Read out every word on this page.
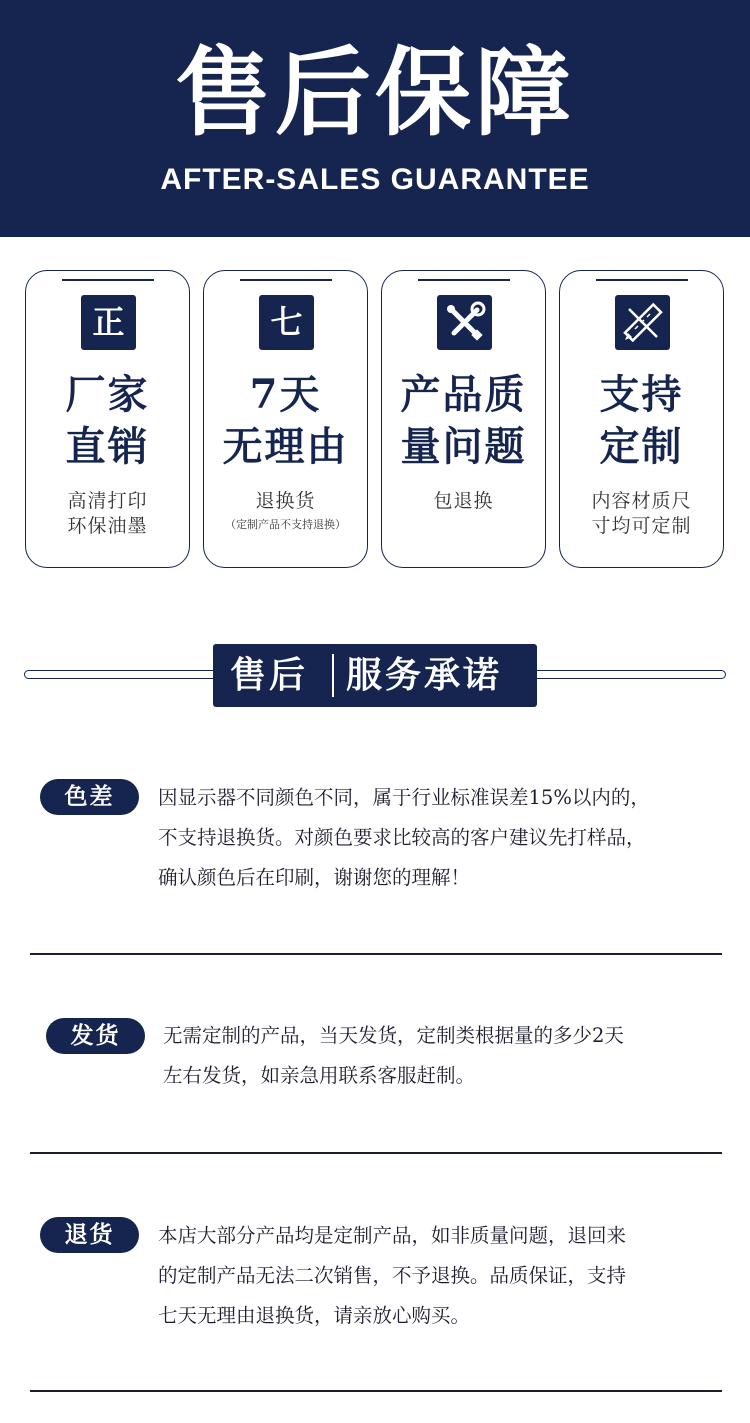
售后保障
AFTER-SALES GUARANTEE
正
厂家
直销
高清打印
环保油墨
七
7天
无理由
退换货
（定制产品不支持退换）
产品质
量问题
包退换
支持
定制
内容材质尺
寸均可定制
售后 服务承诺
色差	因显示器不同颜色不同，属于行业标准误差15%以内的，
不支持退换货。对颜色要求比较高的客户建议先打样品，
确认颜色后在印刷，谢谢您的理解！
发货	无需定制的产品，当天发货，定制类根据量的多少2天
左右发货，如亲急用联系客服赶制。
退货	本店大部分产品均是定制产品，如非质量问题，退回来
的定制产品无法二次销售，不予退换。品质保证，支持
七天无理由退换货，请亲放心购买。
